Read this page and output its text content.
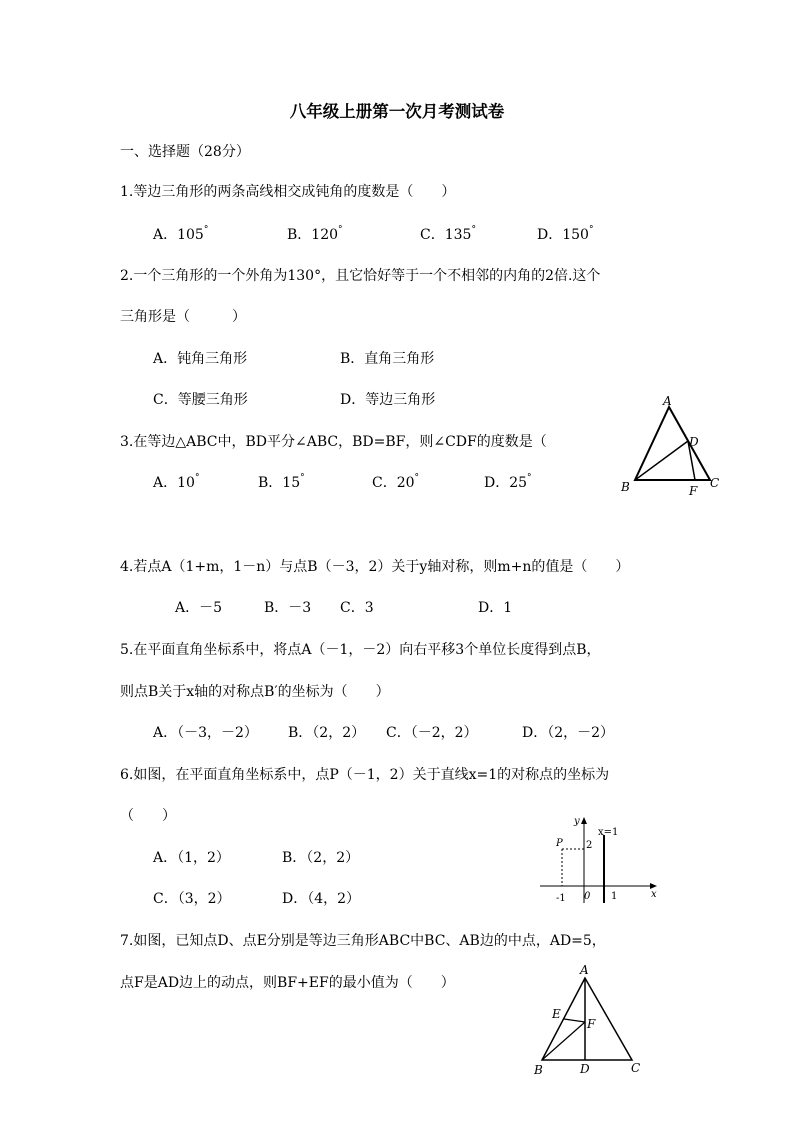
八年级上册第一次月考测试卷
一、选择题（28分）
1.等边三角形的两条高线相交成钝角的度数是（　　）
A．105°	B．120°	C．135°	D．150°
2.一个三角形的一个外角为130°，且它恰好等于一个不相邻的内角的2倍.这个
三角形是（　　　）
A．钝角三角形	B．直角三角形
C．等腰三角形	D．等边三角形
3.在等边△ABC中，BD平分∠ABC，BD=BF，则∠CDF的度数是（
A．10°	B．15°	C．20°	D．25°
A
B	C
D
F
4.若点A（1+m，1－n）与点B（－3，2）关于y轴对称，则m+n的值是（　　）
A．－5	B．－3 C．3	D．1
5.在平面直角坐标系中，将点A（－1，－2）向右平移3个单位长度得到点B，
则点B关于x轴的对称点B′的坐标为（　　）
A．（－3，－2） B．（2，2） C．（－2，2）	D．（2，－2）
6.如图，在平面直角坐标系中，点P（－1，2）关于直线x=1的对称点的坐标为
（　　）
A．（1，2）	B．（2，2）
C．（3，2）	D．（4，2）
y
x
x=1
P 2
-1 0 1
7.如图，已知点D、点E分别是等边三角形ABC中BC、AB边的中点，AD=5，
点F是AD边上的动点，则BF+EF的最小值为（　　）
A
B	C
D
E
F
